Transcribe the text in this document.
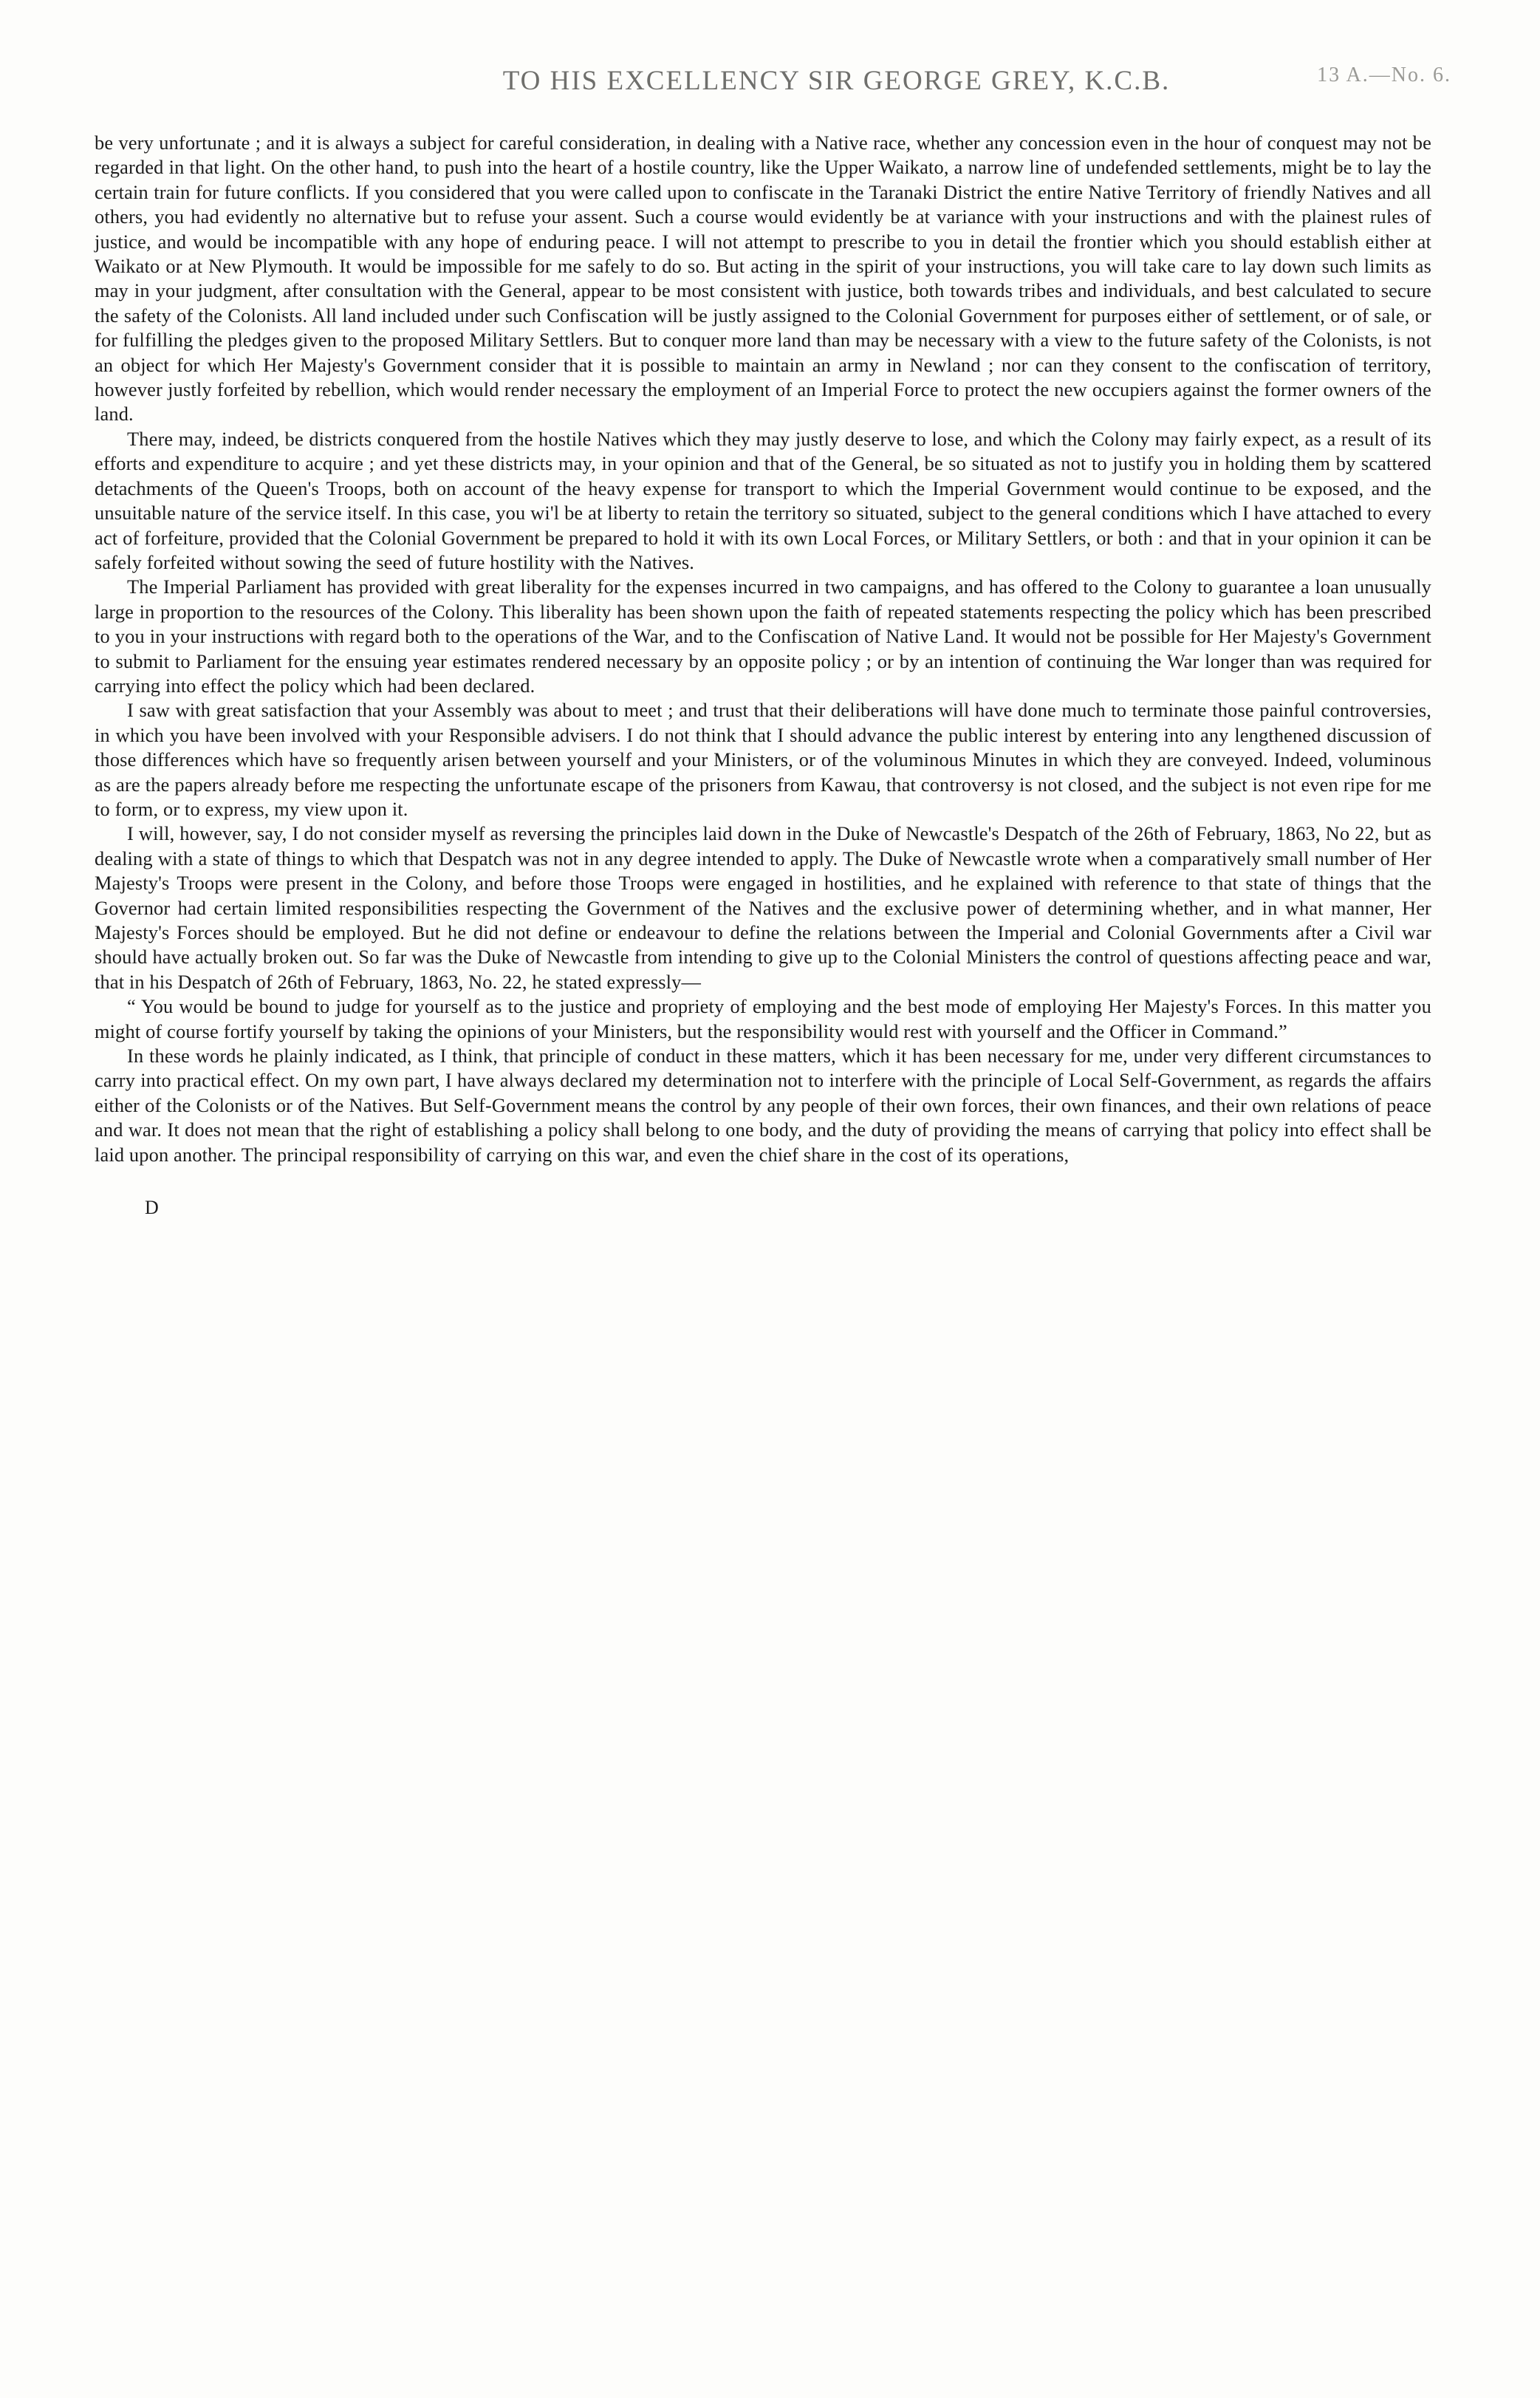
TO HIS EXCELLENCY SIR GEORGE GREY, K.C.B.	13 A.—No. 6.

be very unfortunate ; and it is always a subject for careful consideration, in dealing with a Native race, whether any concession even in the hour of conquest may not be regarded in that light. On the other hand, to push into the heart of a hostile country, like the Upper Waikato, a narrow line of undefended settlements, might be to lay the certain train for future conflicts. If you considered that you were called upon to confiscate in the Taranaki District the entire Native Territory of friendly Natives and all others, you had evidently no alternative but to refuse your assent. Such a course would evidently be at variance with your instructions and with the plainest rules of justice, and would be incompatible with any hope of enduring peace. I will not attempt to prescribe to you in detail the frontier which you should establish either at Waikato or at New Plymouth. It would be impossible for me safely to do so. But acting in the spirit of your instructions, you will take care to lay down such limits as may in your judgment, after consultation with the General, appear to be most consistent with justice, both towards tribes and individuals, and best calculated to secure the safety of the Colonists. All land included under such Confiscation will be justly assigned to the Colonial Government for purposes either of settlement, or of sale, or for fulfilling the pledges given to the proposed Military Settlers. But to conquer more land than may be necessary with a view to the future safety of the Colonists, is not an object for which Her Majesty's Government consider that it is possible to maintain an army in Newland ; nor can they consent to the confiscation of territory, however justly forfeited by rebellion, which would render necessary the employment of an Imperial Force to protect the new occupiers against the former owners of the land.

There may, indeed, be districts conquered from the hostile Natives which they may justly deserve to lose, and which the Colony may fairly expect, as a result of its efforts and expenditure to acquire ; and yet these districts may, in your opinion and that of the General, be so situated as not to justify you in holding them by scattered detachments of the Queen's Troops, both on account of the heavy expense for transport to which the Imperial Government would continue to be exposed, and the unsuitable nature of the service itself. In this case, you wi'l be at liberty to retain the territory so situated, subject to the general conditions which I have attached to every act of forfeiture, provided that the Colonial Government be prepared to hold it with its own Local Forces, or Military Settlers, or both : and that in your opinion it can be safely forfeited without sowing the seed of future hostility with the Natives.

The Imperial Parliament has provided with great liberality for the expenses incurred in two campaigns, and has offered to the Colony to guarantee a loan unusually large in proportion to the resources of the Colony. This liberality has been shown upon the faith of repeated statements respecting the policy which has been prescribed to you in your instructions with regard both to the operations of the War, and to the Confiscation of Native Land. It would not be possible for Her Majesty's Government to submit to Parliament for the ensuing year estimates rendered necessary by an opposite policy ; or by an intention of continuing the War longer than was required for carrying into effect the policy which had been declared.

I saw with great satisfaction that your Assembly was about to meet ; and trust that their deliberations will have done much to terminate those painful controversies, in which you have been involved with your Responsible advisers. I do not think that I should advance the public interest by entering into any lengthened discussion of those differences which have so frequently arisen between yourself and your Ministers, or of the voluminous Minutes in which they are conveyed. Indeed, voluminous as are the papers already before me respecting the unfortunate escape of the prisoners from Kawau, that controversy is not closed, and the subject is not even ripe for me to form, or to express, my view upon it.

I will, however, say, I do not consider myself as reversing the principles laid down in the Duke of Newcastle's Despatch of the 26th of February, 1863, No 22, but as dealing with a state of things to which that Despatch was not in any degree intended to apply. The Duke of Newcastle wrote when a comparatively small number of Her Majesty's Troops were present in the Colony, and before those Troops were engaged in hostilities, and he explained with reference to that state of things that the Governor had certain limited responsibilities respecting the Government of the Natives and the exclusive power of determining whether, and in what manner, Her Majesty's Forces should be employed. But he did not define or endeavour to define the relations between the Imperial and Colonial Governments after a Civil war should have actually broken out. So far was the Duke of Newcastle from intending to give up to the Colonial Ministers the control of questions affecting peace and war, that in his Despatch of 26th of February, 1863, No. 22, he stated expressly—

“ You would be bound to judge for yourself as to the justice and propriety of employing and the best mode of employing Her Majesty's Forces. In this matter you might of course fortify yourself by taking the opinions of your Ministers, but the responsibility would rest with yourself and the Officer in Command.”

In these words he plainly indicated, as I think, that principle of conduct in these matters, which it has been necessary for me, under very different circumstances to carry into practical effect. On my own part, I have always declared my determination not to interfere with the principle of Local Self-Government, as regards the affairs either of the Colonists or of the Natives. But Self-Government means the control by any people of their own forces, their own finances, and their own relations of peace and war. It does not mean that the right of establishing a policy shall belong to one body, and the duty of providing the means of carrying that policy into effect shall be laid upon another. The principal responsibility of carrying on this war, and even the chief share in the cost of its operations,

D
